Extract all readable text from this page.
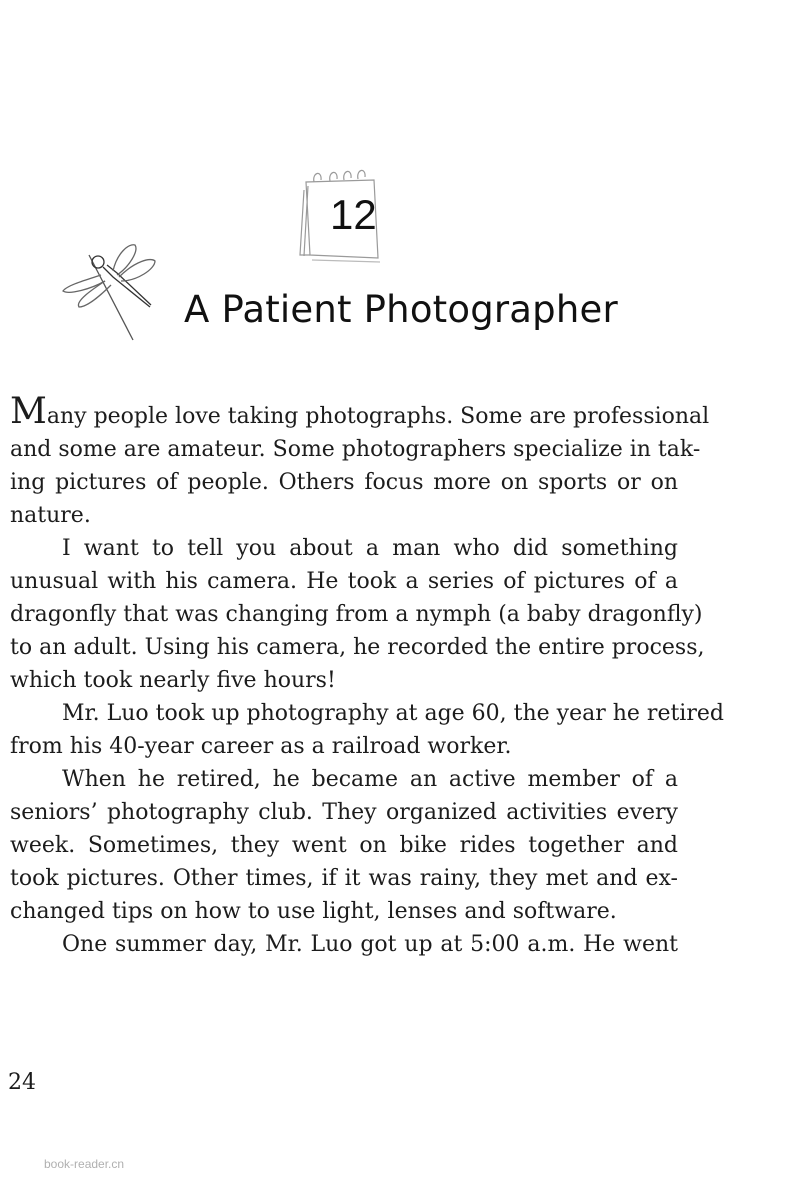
12
A Patient Photographer
Many people love taking photographs. Some are professional
and some are amateur. Some photographers specialize in tak-
ing pictures of people. Others focus more on sports or on
nature.
I want to tell you about a man who did something
unusual with his camera. He took a series of pictures of a
dragonfly that was changing from a nymph (a baby dragonfly)
to an adult. Using his camera, he recorded the entire process,
which took nearly five hours!
Mr. Luo took up photography at age 60, the year he retired
from his 40-year career as a railroad worker.
When he retired, he became an active member of a
seniors’ photography club. They organized activities every
week. Sometimes, they went on bike rides together and
took pictures. Other times, if it was rainy, they met and ex-
changed tips on how to use light, lenses and software.
One summer day, Mr. Luo got up at 5:00 a.m. He went
24
book-reader.cn
